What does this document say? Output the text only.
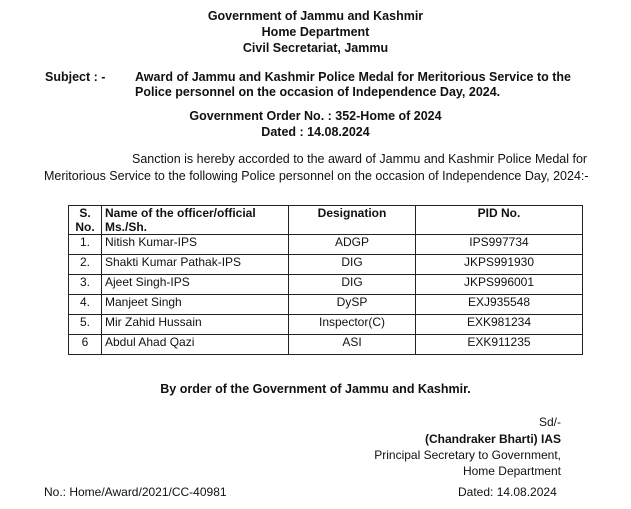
Government of Jammu and Kashmir
Home Department
Civil Secretariat, Jammu
Subject : - Award of Jammu and Kashmir Police Medal for Meritorious Service to the Police personnel on the occasion of Independence Day, 2024.
Government Order No. : 352-Home of 2024
Dated : 14.08.2024
Sanction is hereby accorded to the award of Jammu and Kashmir Police Medal for Meritorious Service to the following Police personnel on the occasion of Independence Day, 2024:-
S. No.	Name of the officer/official Ms./Sh.	Designation	PID No.
1.	Nitish Kumar-IPS	ADGP	IPS997734
2.	Shakti Kumar Pathak-IPS	DIG	JKPS991930
3.	Ajeet Singh-IPS	DIG	JKPS996001
4.	Manjeet Singh	DySP	EXJ935548
5.	Mir Zahid Hussain	Inspector(C)	EXK981234
6	Abdul Ahad Qazi	ASI	EXK911235
By order of the Government of Jammu and Kashmir.
Sd/-
(Chandraker Bharti) IAS
Principal Secretary to Government,
Home Department
No.: Home/Award/2021/CC-40981	Dated: 14.08.2024
